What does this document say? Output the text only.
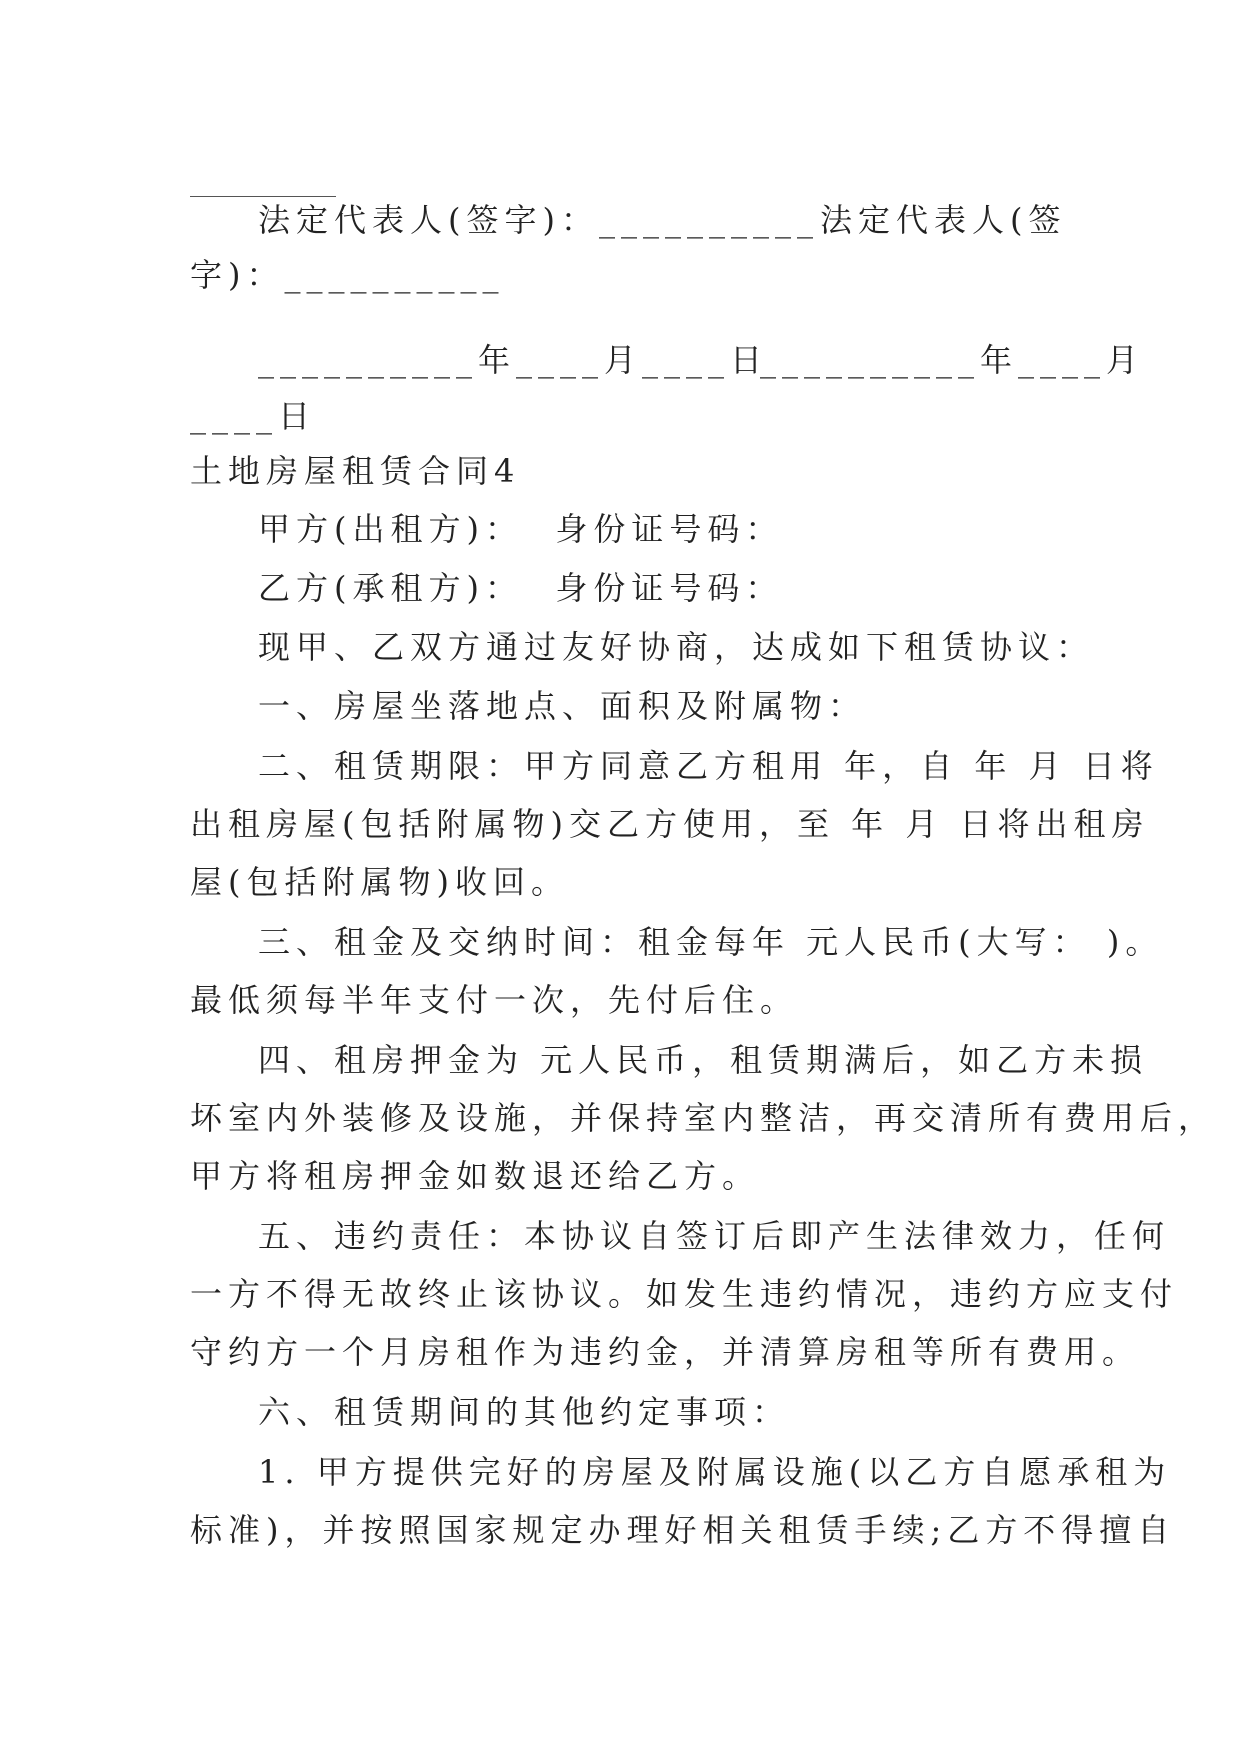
法定代表人(签字)：__________ 法定代表人(签
字)：__________
__________年____月____日
__________年____月
____日
土地房屋租赁合同4
甲方(出租方)：  身份证号码：
乙方(承租方)：  身份证号码：
现甲、乙双方通过友好协商，达成如下租赁协议：
一、房屋坐落地点、面积及附属物：
二、租赁期限：甲方同意乙方租用 年，自 年 月 日将
出租房屋(包括附属物)交乙方使用，至 年 月 日将出租房
屋(包括附属物)收回。
三、租金及交纳时间：租金每年 元人民币(大写： )。
最低须每半年支付一次，先付后住。
四、租房押金为 元人民币，租赁期满后，如乙方未损
坏室内外装修及设施，并保持室内整洁，再交清所有费用后，
甲方将租房押金如数退还给乙方。
五、违约责任：本协议自签订后即产生法律效力，任何
一方不得无故终止该协议。如发生违约情况，违约方应支付
守约方一个月房租作为违约金，并清算房租等所有费用。
六、租赁期间的其他约定事项：
1. 甲方提供完好的房屋及附属设施(以乙方自愿承租为
标准)，并按照国家规定办理好相关租赁手续;乙方不得擅自
